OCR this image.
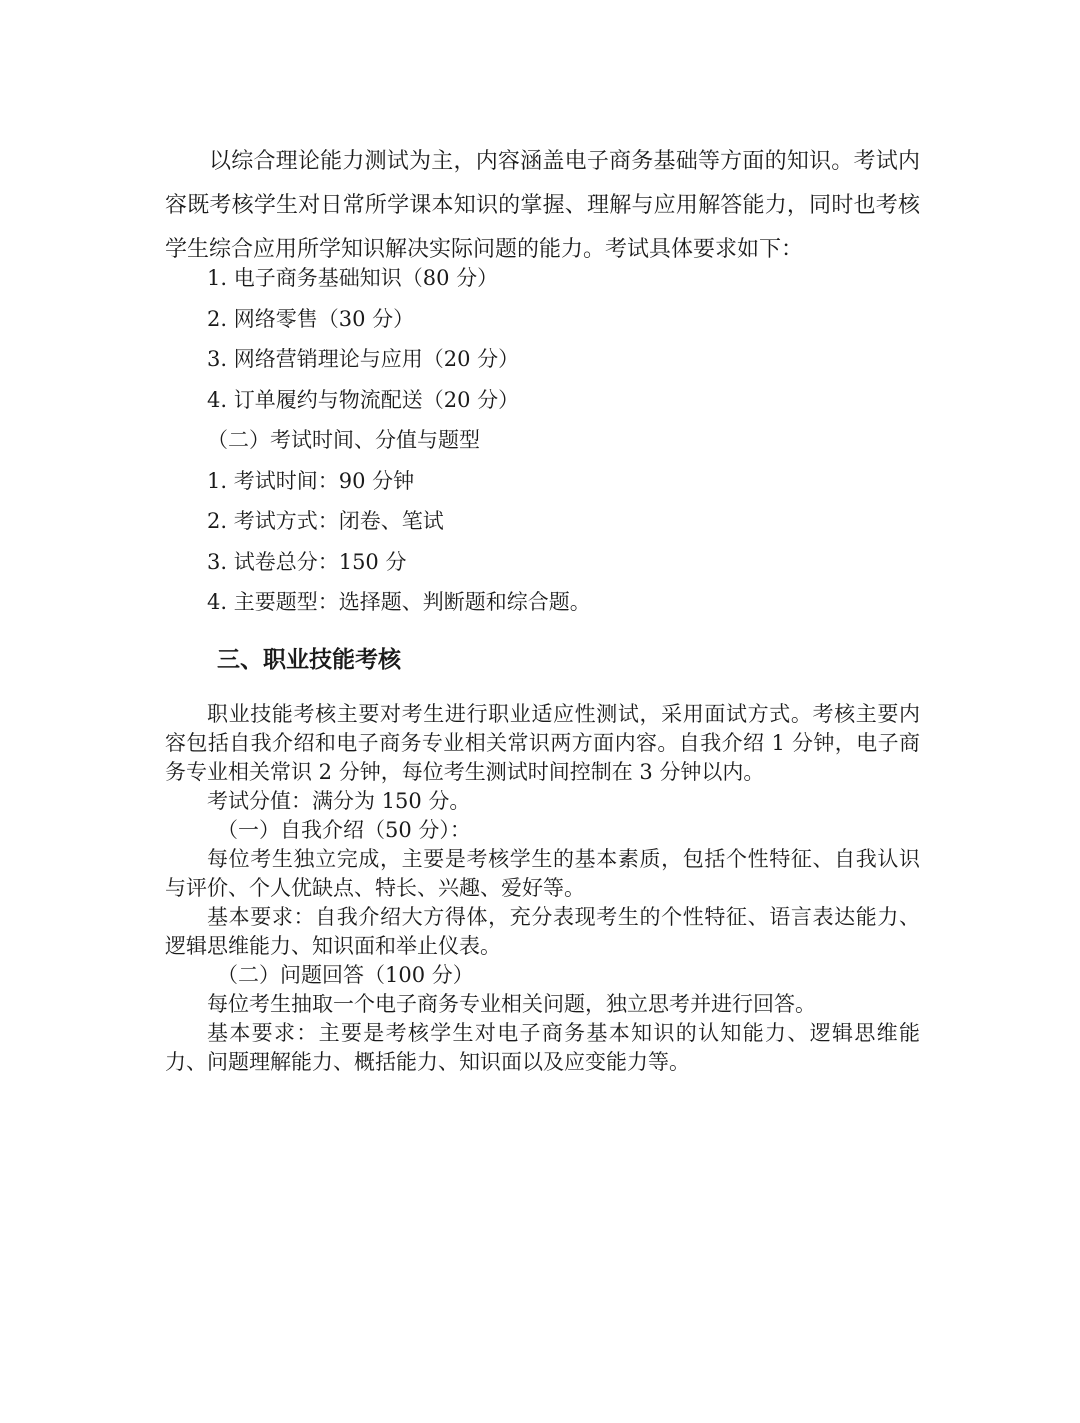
以综合理论能力测试为主，内容涵盖电子商务基础等方面的知识。考试内容既考核学生对日常所学课本知识的掌握、理解与应用解答能力，同时也考核学生综合应用所学知识解决实际问题的能力。考试具体要求如下：

1. 电子商务基础知识（80 分）
2. 网络零售（30 分）
3. 网络营销理论与应用（20 分）
4. 订单履约与物流配送（20 分）
（二）考试时间、分值与题型
1. 考试时间：90 分钟
2. 考试方式：闭卷、笔试
3. 试卷总分：150 分
4. 主要题型：选择题、判断题和综合题。
三、职业技能考核

职业技能考核主要对考生进行职业适应性测试，采用面试方式。考核主要内容包括自我介绍和电子商务专业相关常识两方面内容。自我介绍 1 分钟，电子商务专业相关常识 2 分钟，每位考生测试时间控制在 3 分钟以内。

考试分值：满分为 150 分。

（一）自我介绍（50 分）：

每位考生独立完成，主要是考核学生的基本素质，包括个性特征、自我认识与评价、个人优缺点、特长、兴趣、爱好等。

基本要求：自我介绍大方得体，充分表现考生的个性特征、语言表达能力、逻辑思维能力、知识面和举止仪表。

（二）问题回答（100 分）

每位考生抽取一个电子商务专业相关问题，独立思考并进行回答。

基本要求：主要是考核学生对电子商务基本知识的认知能力、逻辑思维能力、问题理解能力、概括能力、知识面以及应变能力等。
